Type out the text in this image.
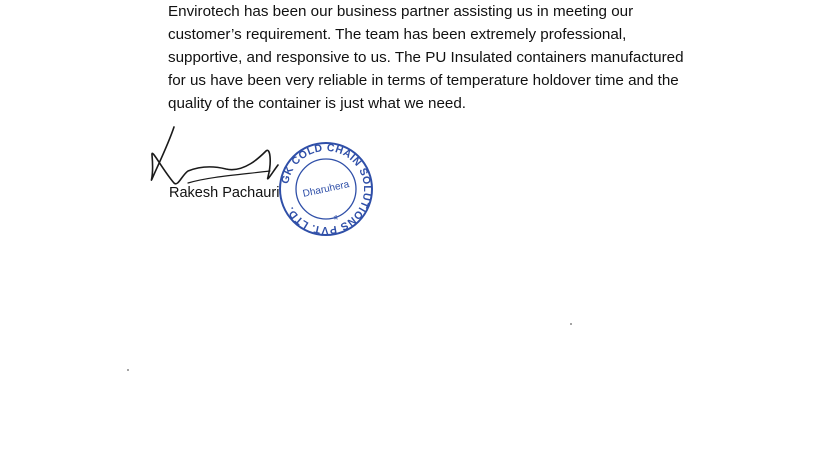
Envirotech has been our business partner assisting us in meeting our
customer’s requirement. The team has been extremely professional,
supportive, and responsive to us. The PU Insulated containers manufactured
for us have been very reliable in terms of temperature holdover time and the
quality of the container is just what we need.
Rakesh Pachauri
GK COLD CHAIN SOLUTIONS PVT. LTD.
Dharuhera
*
